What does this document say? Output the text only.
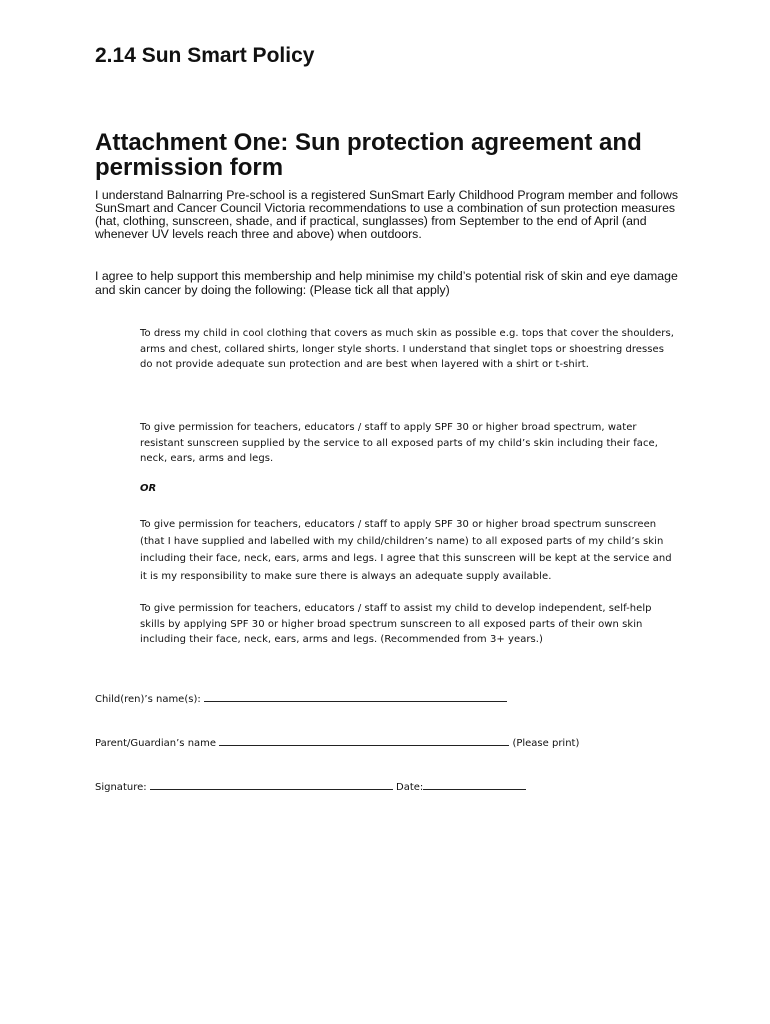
2.14 Sun Smart Policy
Attachment One: Sun protection agreement and permission form

I understand Balnarring Pre-school is a registered SunSmart Early Childhood Program member and follows SunSmart and Cancer Council Victoria recommendations to use a combination of sun protection measures (hat, clothing, sunscreen, shade, and if practical, sunglasses) from September to the end of April (and whenever UV levels reach three and above) when outdoors.

I agree to help support this membership and help minimise my child’s potential risk of skin and eye damage and skin cancer by doing the following: (Please tick all that apply)

To dress my child in cool clothing that covers as much skin as possible e.g. tops that cover the shoulders, arms and chest, collared shirts, longer style shorts. I understand that singlet tops or shoestring dresses do not provide adequate sun protection and are best when layered with a shirt or t-shirt.

To give permission for teachers, educators / staff to apply SPF 30 or higher broad spectrum, water resistant sunscreen supplied by the service to all exposed parts of my child’s skin including their face, neck, ears, arms and legs.

OR

To give permission for teachers, educators / staff to apply SPF 30 or higher broad spectrum sunscreen (that I have supplied and labelled with my child/children’s name) to all exposed parts of my child’s skin including their face, neck, ears, arms and legs. I agree that this sunscreen will be kept at the service and it is my responsibility to make sure there is always an adequate supply available.

To give permission for teachers, educators / staff to assist my child to develop independent, self-help skills by applying SPF 30 or higher broad spectrum sunscreen to all exposed parts of their own skin including their face, neck, ears, arms and legs. (Recommended from 3+ years.)

Child(ren)’s name(s):

Parent/Guardian’s name	(Please print)

Signature:	Date:
